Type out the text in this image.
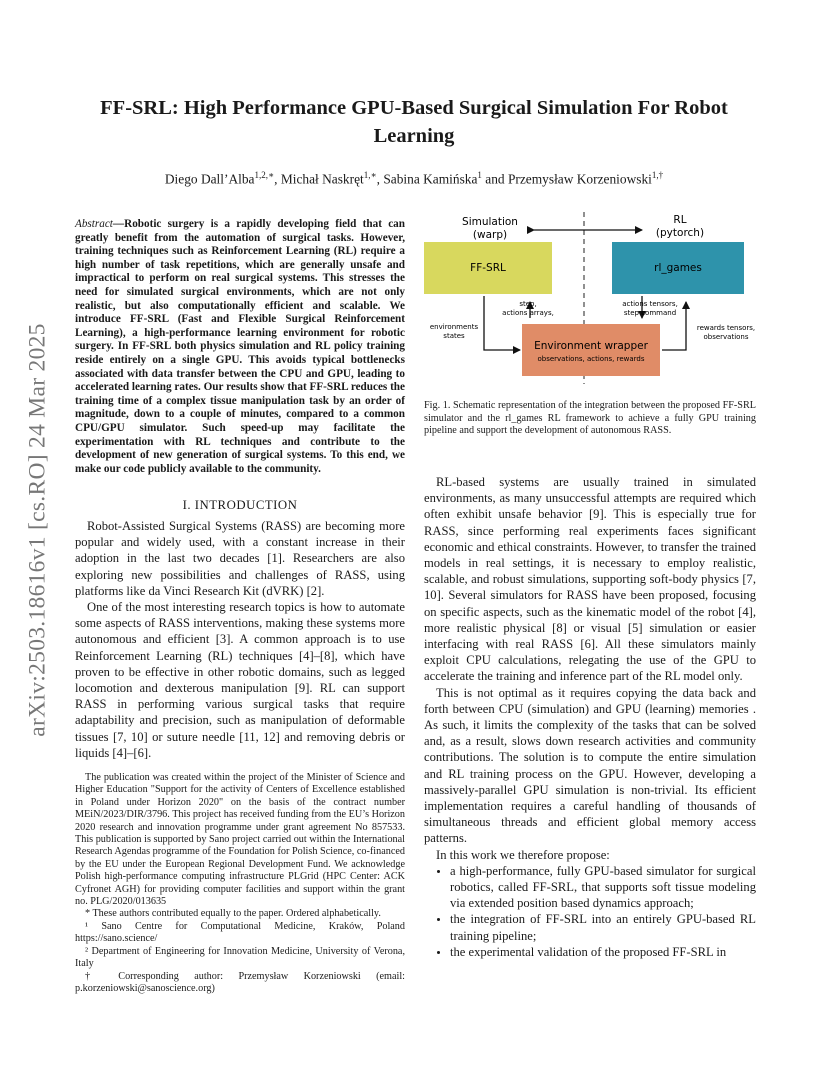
FF-SRL: High Performance GPU-Based Surgical Simulation For Robot Learning
Diego Dall’Alba$^{1,2,∗}$, Michał Naskręt$^{1,∗}$, Sabina Kamińska$^1$ and Przemysław Korzeniowski$^{1,\dagger}$
arXiv:2503.18616v1 [cs.RO] 24 Mar 2025
Abstract—Robotic surgery is a rapidly developing field that can greatly benefit from the automation of surgical tasks. However, training techniques such as Reinforcement Learning (RL) require a high number of task repetitions, which are generally unsafe and impractical to perform on real surgical systems. This stresses the need for simulated surgical environments, which are not only realistic, but also computationally efficient and scalable. We introduce FF-SRL (Fast and Flexible Surgical Reinforcement Learning), a high-performance learning environment for robotic surgery. In FF-SRL both physics simulation and RL policy training reside entirely on a single GPU. This avoids typical bottlenecks associated with data transfer between the CPU and GPU, leading to accelerated learning rates. Our results show that FF-SRL reduces the training time of a complex tissue manipulation task by an order of magnitude, down to a couple of minutes, compared to a common CPU/GPU simulator. Such speed-up may facilitate the experimentation with RL techniques and contribute to the development of new generation of surgical systems. To this end, we make our code publicly available to the community.
I. INTRODUCTION

Robot-Assisted Surgical Systems (RASS) are becoming more popular and widely used, with a constant increase in their adoption in the last two decades [1]. Researchers are also exploring new possibilities and challenges of RASS, using platforms like da Vinci Research Kit (dVRK) [2].

One of the most interesting research topics is how to automate some aspects of RASS interventions, making these systems more autonomous and efficient [3]. A common approach is to use Reinforcement Learning (RL) techniques [4]–[8], which have proven to be effective in other robotic domains, such as legged locomotion and dexterous manipulation [9]. RL can support RASS in performing various surgical tasks that require adaptability and precision, such as manipulation of deformable tissues [7, 10] or suture needle [11, 12] and removing debris or liquids [4]–[6].

The publication was created within the project of the Minister of Science and Higher Education "Support for the activity of Centers of Excellence established in Poland under Horizon 2020" on the basis of the contract number MEiN/2023/DIR/3796. This project has received funding from the EU’s Horizon 2020 research and innovation programme under grant agreement No 857533. This publication is supported by Sano project carried out within the International Research Agendas programme of the Foundation for Polish Science, co-financed by the EU under the European Regional Development Fund. We acknowledge Polish high-performance computing infrastructure PLGrid (HPC Center: ACK Cyfronet AGH) for providing computer facilities and support within the grant no. PLG/2020/013635

* These authors contributed equally to the paper. Ordered alphabetically.

¹ Sano Centre for Computational Medicine, Kraków, Poland https://sano.science/

² Department of Engineering for Innovation Medicine, University of Verona, Italy

† Corresponding author: Przemysław Korzeniowski (email: p.korzeniowski@sanoscience.org)

Simulation
(warp)
RL
(pytorch)
FF-SRL	rl_games
Environment wrapper
observations, actions, rewards
step,
actions arrays,
environments
states
actions tensors,
step command
rewards tensors,
observations
Fig. 1. Schematic representation of the integration between the proposed FF-SRL simulator and the rl_games RL framework to achieve a fully GPU training pipeline and support the development of autonomous RASS.

RL-based systems are usually trained in simulated environments, as many unsuccessful attempts are required which often exhibit unsafe behavior [9]. This is especially true for RASS, since performing real experiments faces significant economic and ethical constraints. However, to transfer the trained models in real settings, it is necessary to employ realistic, scalable, and robust simulations, supporting soft-body physics [7, 10]. Several simulators for RASS have been proposed, focusing on specific aspects, such as the kinematic model of the robot [4], more realistic physical [8] or visual [5] simulation or easier interfacing with real RASS [6]. All these simulators mainly exploit CPU calculations, relegating the use of the GPU to accelerate the training and inference part of the RL model only.

This is not optimal as it requires copying the data back and forth between CPU (simulation) and GPU (learning) memories . As such, it limits the complexity of the tasks that can be solved and, as a result, slows down research activities and community contributions. The solution is to compute the entire simulation and RL training process on the GPU. However, developing a massively-parallel GPU simulation is non-trivial. Its efficient implementation requires a careful handling of thousands of simultaneous threads and efficient global memory access patterns.

In this work we therefore propose:

• a high-performance, fully GPU-based simulator for surgical robotics, called FF-SRL, that supports soft tissue modeling via extended position based dynamics approach;
• the integration of FF-SRL into an entirely GPU-based RL training pipeline;
• the experimental validation of the proposed FF-SRL in
